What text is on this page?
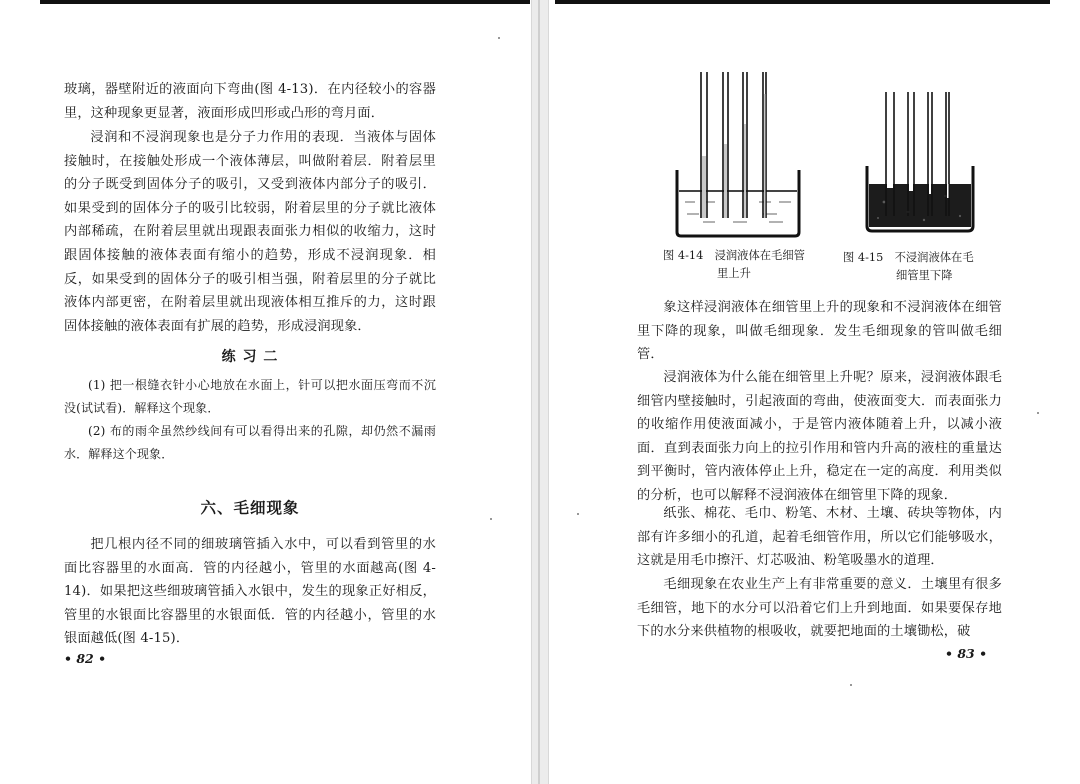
玻璃，器壁附近的液面向下弯曲(图 4-13)．在内径较小的容器里，这种现象更显著，液面形成凹形或凸形的弯月面．

浸润和不浸润现象也是分子力作用的表现．当液体与固体接触时，在接触处形成一个液体薄层，叫做附着层．附着层里的分子既受到固体分子的吸引，又受到液体内部分子的吸引．如果受到的固体分子的吸引比较弱，附着层里的分子就比液体内部稀疏，在附着层里就出现跟表面张力相似的收缩力，这时跟固体接触的液体表面有缩小的趋势，形成不浸润现象．相反，如果受到的固体分子的吸引相当强，附着层里的分子就比液体内部更密，在附着层里就出现液体相互推斥的力，这时跟固体接触的液体表面有扩展的趋势，形成浸润现象．

练 习 二

(1) 把一根缝衣针小心地放在水面上，针可以把水面压弯而不沉没(试试看)．解释这个现象．

(2) 布的雨伞虽然纱线间有可以看得出来的孔隙，却仍然不漏雨水．解释这个现象．

六、毛细现象

把几根内径不同的细玻璃管插入水中，可以看到管里的水面比容器里的水面高．管的内径越小，管里的水面越高(图 4-14)．如果把这些细玻璃管插入水银中，发生的现象正好相反，管里的水银面比容器里的水银面低．管的内径越小，管里的水银面越低(图 4-15)．

• 82 •

图 4-14　浸润液体在毛细管

里上升

图 4-15　不浸润液体在毛

细管里下降

象这样浸润液体在细管里上升的现象和不浸润液体在细管里下降的现象，叫做毛细现象．发生毛细现象的管叫做毛细管．

浸润液体为什么能在细管里上升呢？原来，浸润液体跟毛细管内壁接触时，引起液面的弯曲，使液面变大．而表面张力的收缩作用使液面减小，于是管内液体随着上升，以减小液面．直到表面张力向上的拉引作用和管内升高的液柱的重量达到平衡时，管内液体停止上升，稳定在一定的高度．利用类似的分析，也可以解释不浸润液体在细管里下降的现象．

纸张、棉花、毛巾、粉笔、木材、土壤、砖块等物体，内部有许多细小的孔道，起着毛细管作用，所以它们能够吸水，这就是用毛巾擦汗、灯芯吸油、粉笔吸墨水的道理．

毛细现象在农业生产上有非常重要的意义．土壤里有很多毛细管，地下的水分可以沿着它们上升到地面．如果要保存地下的水分来供植物的根吸收，就要把地面的土壤锄松，破

• 83 •
